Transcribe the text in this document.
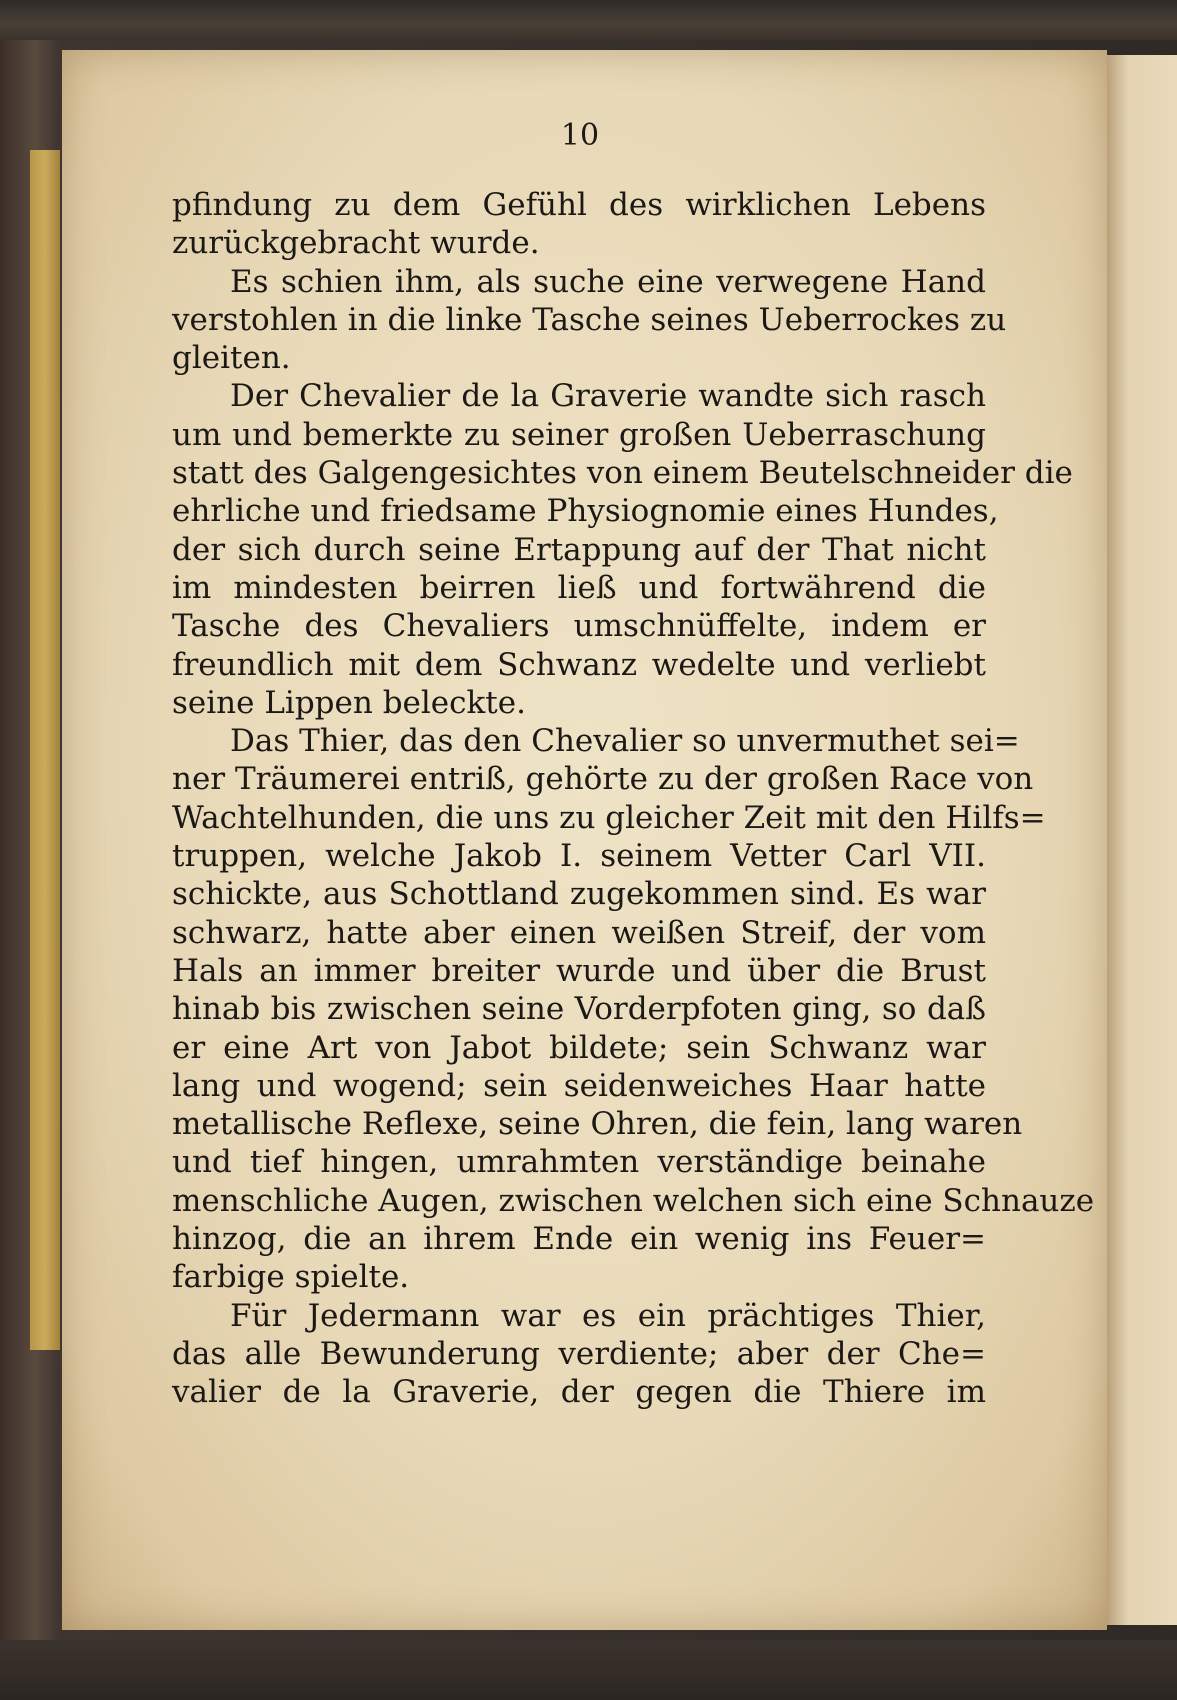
10
pfindung zu dem Gefühl des wirklichen Lebens
zurückgebracht wurde.
Es schien ihm, als suche eine verwegene Hand
verstohlen in die linke Tasche seines Ueberrockes zu
gleiten.
Der Chevalier de la Graverie wandte sich rasch
um und bemerkte zu seiner großen Ueberraschung
statt des Galgengesichtes von einem Beutelschneider die
ehrliche und friedsame Physiognomie eines Hundes,
der sich durch seine Ertappung auf der That nicht
im mindesten beirren ließ und fortwährend die
Tasche des Chevaliers umschnüffelte, indem er
freundlich mit dem Schwanz wedelte und verliebt
seine Lippen beleckte.
Das Thier, das den Chevalier so unvermuthet sei=
ner Träumerei entriß, gehörte zu der großen Race von
Wachtelhunden, die uns zu gleicher Zeit mit den Hilfs=
truppen, welche Jakob I. seinem Vetter Carl VII.
schickte, aus Schottland zugekommen sind. Es war
schwarz, hatte aber einen weißen Streif, der vom
Hals an immer breiter wurde und über die Brust
hinab bis zwischen seine Vorderpfoten ging, so daß
er eine Art von Jabot bildete; sein Schwanz war
lang und wogend; sein seidenweiches Haar hatte
metallische Reflexe, seine Ohren, die fein, lang waren
und tief hingen, umrahmten verständige beinahe
menschliche Augen, zwischen welchen sich eine Schnauze
hinzog, die an ihrem Ende ein wenig ins Feuer=
farbige spielte.
Für Jedermann war es ein prächtiges Thier,
das alle Bewunderung verdiente; aber der Che=
valier de la Graverie, der gegen die Thiere im
